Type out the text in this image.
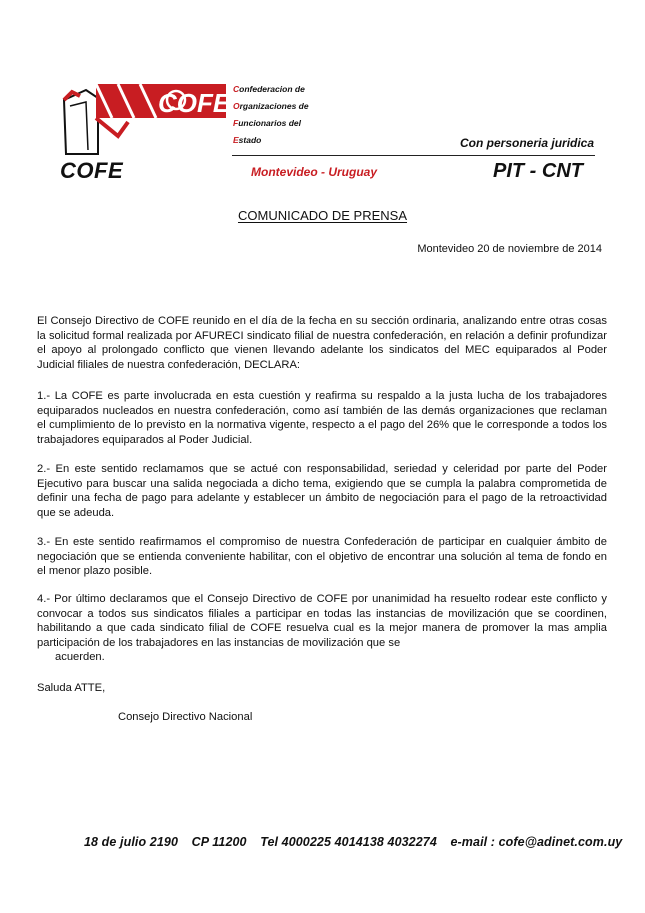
COFE Confederacion de
Organizaciones de
Funcionarios del
Estado	Con personeria juridica
COFE	Montevideo - Uruguay	PIT - CNT
COMUNICADO DE PRENSA
Montevideo 20 de noviembre de 2014

El Consejo Directivo de COFE reunido en el día de la fecha en su sección ordinaria, analizando entre otras cosas la solicitud formal realizada por AFURECI sindicato filial de nuestra confederación, en relación a definir profundizar el apoyo al prolongado conflicto que vienen llevando adelante los sindicatos del MEC equiparados al Poder Judicial filiales de nuestra confederación, DECLARA:

1.- La COFE es parte involucrada en esta cuestión y reafirma su respaldo a la justa lucha de los trabajadores equiparados nucleados en nuestra confederación, como así también de las demás organizaciones que reclaman el cumplimiento de lo previsto en la normativa vigente, respecto a el pago del 26% que le corresponde a todos los trabajadores equiparados al Poder Judicial.

2.- En este sentido reclamamos que se actué con responsabilidad, seriedad y celeridad por parte del Poder Ejecutivo para buscar una salida negociada a dicho tema, exigiendo que se cumpla la palabra comprometida de definir una fecha de pago para adelante y establecer un ámbito de negociación para el pago de la retroactividad que se adeuda.

3.- En este sentido reafirmamos el compromiso de nuestra Confederación de participar en cualquier ámbito de negociación que se entienda conveniente habilitar, con el objetivo de encontrar una solución al tema de fondo en el menor plazo posible.

4.- Por último declaramos que el Consejo Directivo de COFE por unanimidad ha resuelto rodear este conflicto y convocar a todos sus sindicatos filiales a participar en todas las instancias de movilización que se coordinen, habilitando a que cada sindicato filial de COFE resuelva cual es la mejor manera de promover la mas amplia participación de los trabajadores en las instancias de movilización que se
acuerden.

Saluda ATTE,
Consejo Directivo Nacional
18 de julio 2190 CP 11200 Tel 4000225 4014138 4032274 e-mail : cofe@adinet.com.uy
